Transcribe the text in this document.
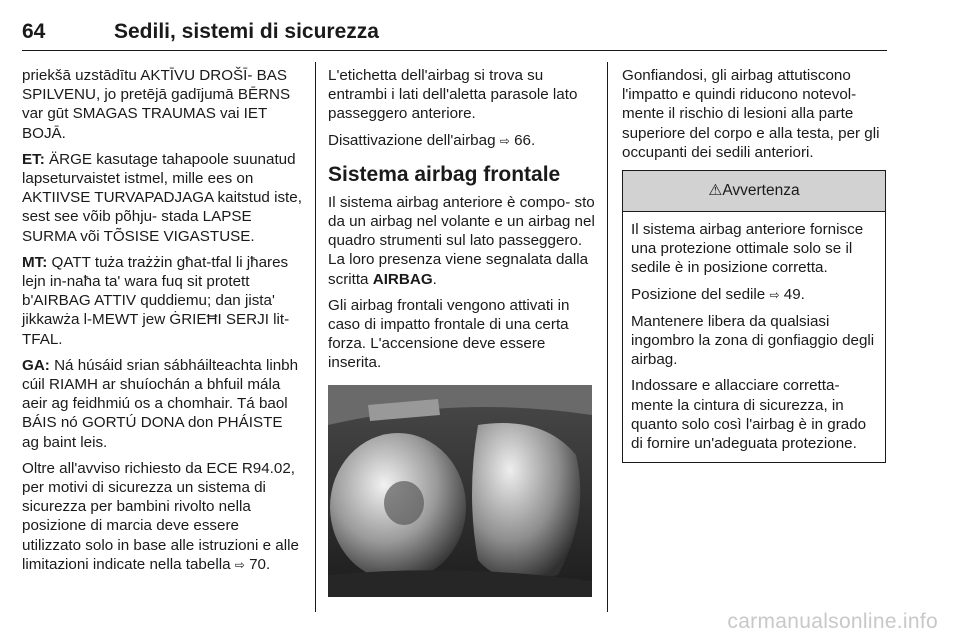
64	Sedili, sistemi di sicurezza

priekšā uzstādītu AKTĪVU DROŠĪ- BAS SPILVENU, jo pretējā gadījumā BĒRNS var gūt SMAGAS TRAUMAS vai IET BOJĀ.

ET: ÄRGE kasutage tahapoole suunatud lapseturvaistet istmel, mille ees on AKTIIVSE TURVAPADJAGA kaitstud iste, sest see võib põhju- stada LAPSE SURMA või TÕSISE VIGASTUSE.

MT: QATT tuża trażżin għat-tfal li jħares lejn in-naħa ta' wara fuq sit protett b'AIRBAG ATTIV quddiemu; dan jista' jikkawża l-MEWT jew ĠRIEĦI SERJI lit-TFAL.

GA: Ná húsáid srian sábháilteachta linbh cúil RIAMH ar shuíochán a bhfuil mála aeir ag feidhmiú os a chomhair. Tá baol BÁIS nó GORTÚ DONA don PHÁISTE ag baint leis.

Oltre all'avviso richiesto da ECE R94.02, per motivi di sicurezza un sistema di sicurezza per bambini rivolto nella posizione di marcia deve essere utilizzato solo in base alle istruzioni e alle limitazioni indicate nella tabella ⇨ 70.

L'etichetta dell'airbag si trova su entrambi i lati dell'aletta parasole lato passeggero anteriore.

Disattivazione dell'airbag ⇨ 66.

Sistema airbag frontale

Il sistema airbag anteriore è compo- sto da un airbag nel volante e un airbag nel quadro strumenti sul lato passeggero. La loro presenza viene segnalata dalla scritta AIRBAG.

Gli airbag frontali vengono attivati in caso di impatto frontale di una certa forza. L'accensione deve essere inserita.

Gonfiandosi, gli airbag attutiscono l'impatto e quindi riducono notevol- mente il rischio di lesioni alla parte superiore del corpo e alla testa, per gli occupanti dei sedili anteriori.

⚠Avvertenza

Il sistema airbag anteriore fornisce una protezione ottimale solo se il sedile è in posizione corretta.

Posizione del sedile ⇨ 49.

Mantenere libera da qualsiasi ingombro la zona di gonfiaggio degli airbag.

Indossare e allacciare corretta- mente la cintura di sicurezza, in quanto solo così l'airbag è in grado di fornire un'adeguata protezione.

carmanualsonline.info
